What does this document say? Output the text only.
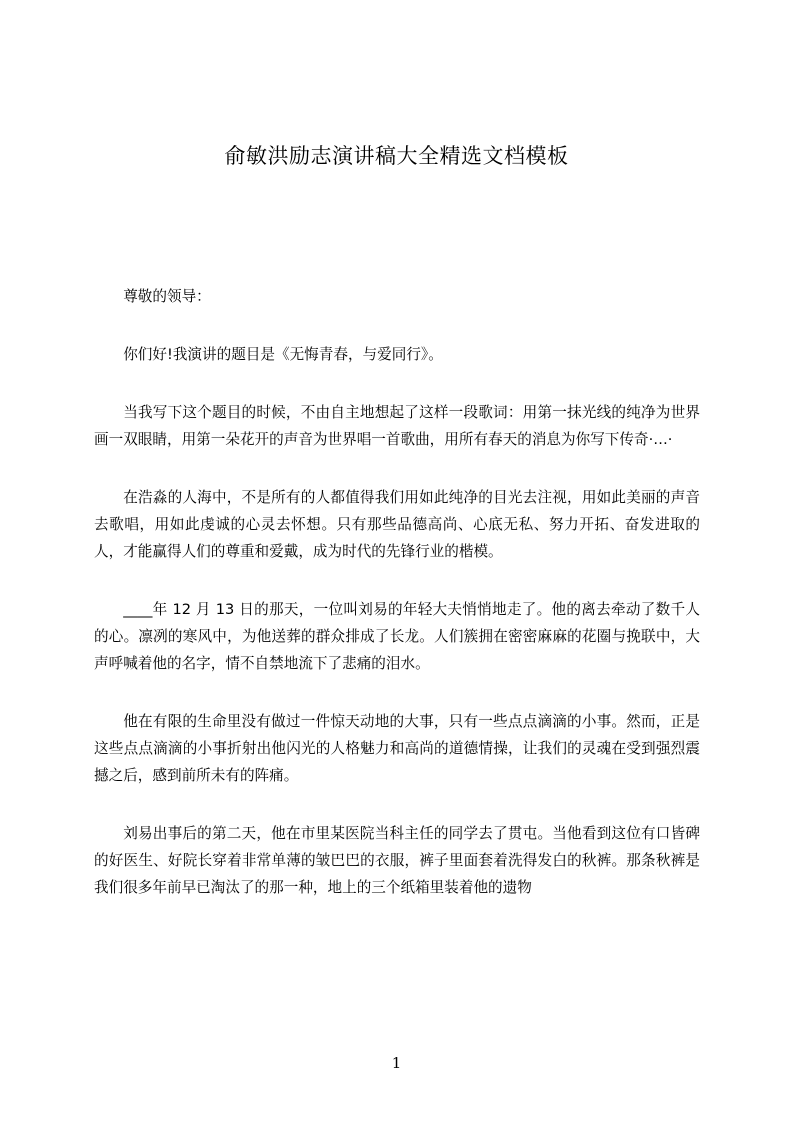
俞敏洪励志演讲稿大全精选文档模板

尊敬的领导：

你们好!我演讲的题目是《无悔青春，与爱同行》。

当我写下这个题目的时候，不由自主地想起了这样一段歌词：用第一抹光线的纯净为世界画一双眼睛，用第一朵花开的声音为世界唱一首歌曲，用所有春天的消息为你写下传奇·…·

在浩淼的人海中，不是所有的人都值得我们用如此纯净的目光去注视，用如此美丽的声音去歌唱，用如此虔诚的心灵去怀想。只有那些品德高尚、心底无私、努力开拓、奋发进取的人，才能赢得人们的尊重和爱戴，成为时代的先锋行业的楷模。

____年 12 月 13 日的那天，一位叫刘易的年轻大夫悄悄地走了。他的离去牵动了数千人的心。凛冽的寒风中，为他送葬的群众排成了长龙。人们簇拥在密密麻麻的花圈与挽联中，大声呼喊着他的名字，情不自禁地流下了悲痛的泪水。

他在有限的生命里没有做过一件惊天动地的大事，只有一些点点滴滴的小事。然而，正是这些点点滴滴的小事折射出他闪光的人格魅力和高尚的道德情操，让我们的灵魂在受到强烈震撼之后，感到前所未有的阵痛。

刘易出事后的第二天，他在市里某医院当科主任的同学去了贯屯。当他看到这位有口皆碑的好医生、好院长穿着非常单薄的皱巴巴的衣服，裤子里面套着洗得发白的秋裤。那条秋裤是我们很多年前早已淘汰了的那一种，地上的三个纸箱里装着他的遗物

1
